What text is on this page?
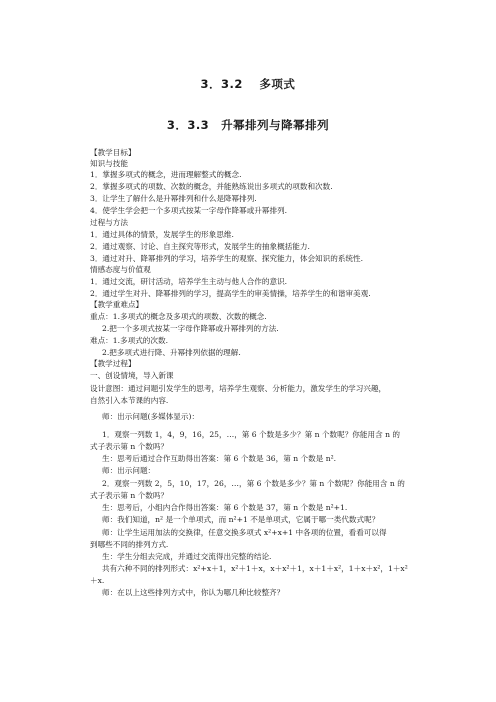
3．3.2　 多项式
3．3.3　升幂排列与降幂排列
【教学目标】
知识与技能
1．掌握多项式的概念，进而理解整式的概念.
2．掌握多项式的项数、次数的概念，并能熟练说出多项式的项数和次数.
3．让学生了解什么是升幂排列和什么是降幂排列.
4．使学生学会把一个多项式按某一字母作降幂或升幂排列.
过程与方法
1．通过具体的情景，发展学生的形象思维.
2．通过观察、讨论、自主探究等形式，发展学生的抽象概括能力.
3．通过对升、降幂排列的学习，培养学生的观察、探究能力，体会知识的系统性.
情感态度与价值观
1．通过交流，研讨活动，培养学生主动与他人合作的意识.
2．通过学生对升、降幂排列的学习，提高学生的审美情操，培养学生的和谐审美观.
【教学重难点】
重点：1.多项式的概念及多项式的项数、次数的概念.
2.把一个多项式按某一字母作降幂或升幂排列的方法.
难点：1.多项式的次数.
2.把多项式进行降、升幂排列依据的理解.
【教学过程】
一、创设情境，导入新课
设计意图：通过问题引发学生的思考，培养学生观察、分析能力，激发学生的学习兴趣，
自然引入本节课的内容.
师：出示问题(多媒体显示)：
1．观察一列数 1，4，9，16，25，…，第 6 个数是多少？第 n 个数呢？你能用含 n 的
式子表示第 n 个数吗？
生：思考后通过合作互助得出答案：第 6 个数是 36，第 n 个数是 n².
师：出示问题：
2．观察一列数 2，5，10，17，26，…，第 6 个数是多少？第 n 个数呢？你能用含 n 的
式子表示第 n 个数吗？
生：思考后，小组内合作得出答案：第 6 个数是 37，第 n 个数是 n²+1.
师：我们知道，n² 是一个单项式，而 n²+1 不是单项式，它属于哪一类代数式呢？
师：让学生运用加法的交换律，任意交换多项式 x²+x+1 中各项的位置，看看可以得
到哪些不同的排列方式.
生：学生分组去完成，并通过交流得出完整的结论.
共有六种不同的排列形式：x²+x＋1，x²＋1＋x，x＋x²＋1，x＋1＋x²，1＋x＋x²，1＋x²
＋x.
师：在以上这些排列方式中，你认为哪几种比较整齐？
